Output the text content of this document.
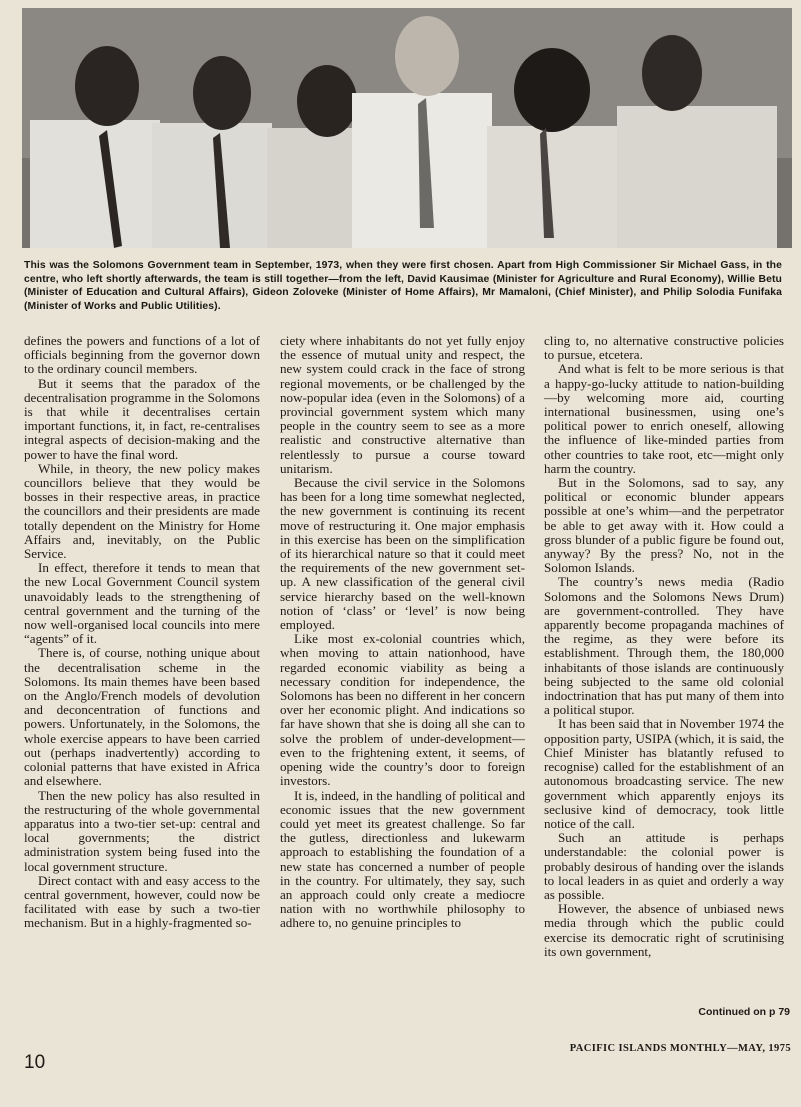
This was the Solomons Government team in September, 1973, when they were first chosen. Apart from High Commissioner Sir Michael Gass, in the centre, who left shortly afterwards, the team is still together—from the left, David Kausimae (Minister for Agriculture and Rural Economy), Willie Betu (Minister of Education and Cultural Affairs), Gideon Zoloveke (Minister of Home Affairs), Mr Mamaloni, (Chief Minister), and Philip Solodia Funifaka (Minister of Works and Public Utilities).

defines the powers and functions of a lot of officials beginning from the governor down to the ordinary council members.

But it seems that the paradox of the decentralisation programme in the Solomons is that while it decentralises certain important functions, it, in fact, re-centralises integral aspects of decision-making and the power to have the final word.

While, in theory, the new policy makes councillors believe that they would be bosses in their respective areas, in practice the councillors and their presidents are made totally dependent on the Ministry for Home Affairs and, inevitably, on the Public Service.

In effect, therefore it tends to mean that the new Local Government Council system unavoidably leads to the strengthening of central government and the turning of the now well-organised local councils into mere “agents” of it.

There is, of course, nothing unique about the decentralisation scheme in the Solomons. Its main themes have been based on the Anglo/French models of devolution and deconcentration of functions and powers. Unfortunately, in the Solomons, the whole exercise appears to have been carried out (perhaps inadvertently) according to colonial patterns that have existed in Africa and elsewhere.

Then the new policy has also resulted in the restructuring of the whole governmental apparatus into a two-tier set-up: central and local governments; the district administration system being fused into the local government structure.

Direct contact with and easy access to the central government, however, could now be facilitated with ease by such a two-tier mechanism. But in a highly-fragmented so-

ciety where inhabitants do not yet fully enjoy the essence of mutual unity and respect, the new system could crack in the face of strong regional movements, or be challenged by the now-popular idea (even in the Solomons) of a provincial government system which many people in the country seem to see as a more realistic and constructive alternative than relentlessly to pursue a course toward unitarism.

Because the civil service in the Solomons has been for a long time somewhat neglected, the new government is continuing its recent move of restructuring it. One major emphasis in this exercise has been on the simplification of its hierarchical nature so that it could meet the requirements of the new government set-up. A new classification of the general civil service hierarchy based on the well-known notion of ‘class’ or ‘level’ is now being employed.

Like most ex-colonial countries which, when moving to attain nationhood, have regarded economic viability as being a necessary condition for independence, the Solomons has been no different in her concern over her economic plight. And indications so far have shown that she is doing all she can to solve the problem of under-development—even to the frightening extent, it seems, of opening wide the country’s door to foreign investors.

It is, indeed, in the handling of political and economic issues that the new government could yet meet its greatest challenge. So far the gutless, directionless and lukewarm approach to establishing the foundation of a new state has concerned a number of people in the country. For ultimately, they say, such an approach could only create a mediocre nation with no worthwhile philosophy to adhere to, no genuine principles to

cling to, no alternative constructive policies to pursue, etcetera.

And what is felt to be more serious is that a happy-go-lucky attitude to nation-building—by welcoming more aid, courting international businessmen, using one’s political power to enrich oneself, allowing the influence of like-minded parties from other countries to take root, etc—might only harm the country.

But in the Solomons, sad to say, any political or economic blunder appears possible at one’s whim—and the perpetrator be able to get away with it. How could a gross blunder of a public figure be found out, anyway? By the press? No, not in the Solomon Islands.

The country’s news media (Radio Solomons and the Solomons News Drum) are government-controlled. They have apparently become propaganda machines of the regime, as they were before its establishment. Through them, the 180,000 inhabitants of those islands are continuously being subjected to the same old colonial indoctrination that has put many of them into a political stupor.

It has been said that in November 1974 the opposition party, USIPA (which, it is said, the Chief Minister has blatantly refused to recognise) called for the establishment of an autonomous broadcasting service. The new government which apparently enjoys its seclusive kind of democracy, took little notice of the call.

Such an attitude is perhaps understandable: the colonial power is probably desirous of handing over the islands to local leaders in as quiet and orderly a way as possible.

However, the absence of unbiased news media through which the public could exercise its democratic right of scrutinising its own government,

Continued on p 79
10
PACIFIC ISLANDS MONTHLY—MAY, 1975
